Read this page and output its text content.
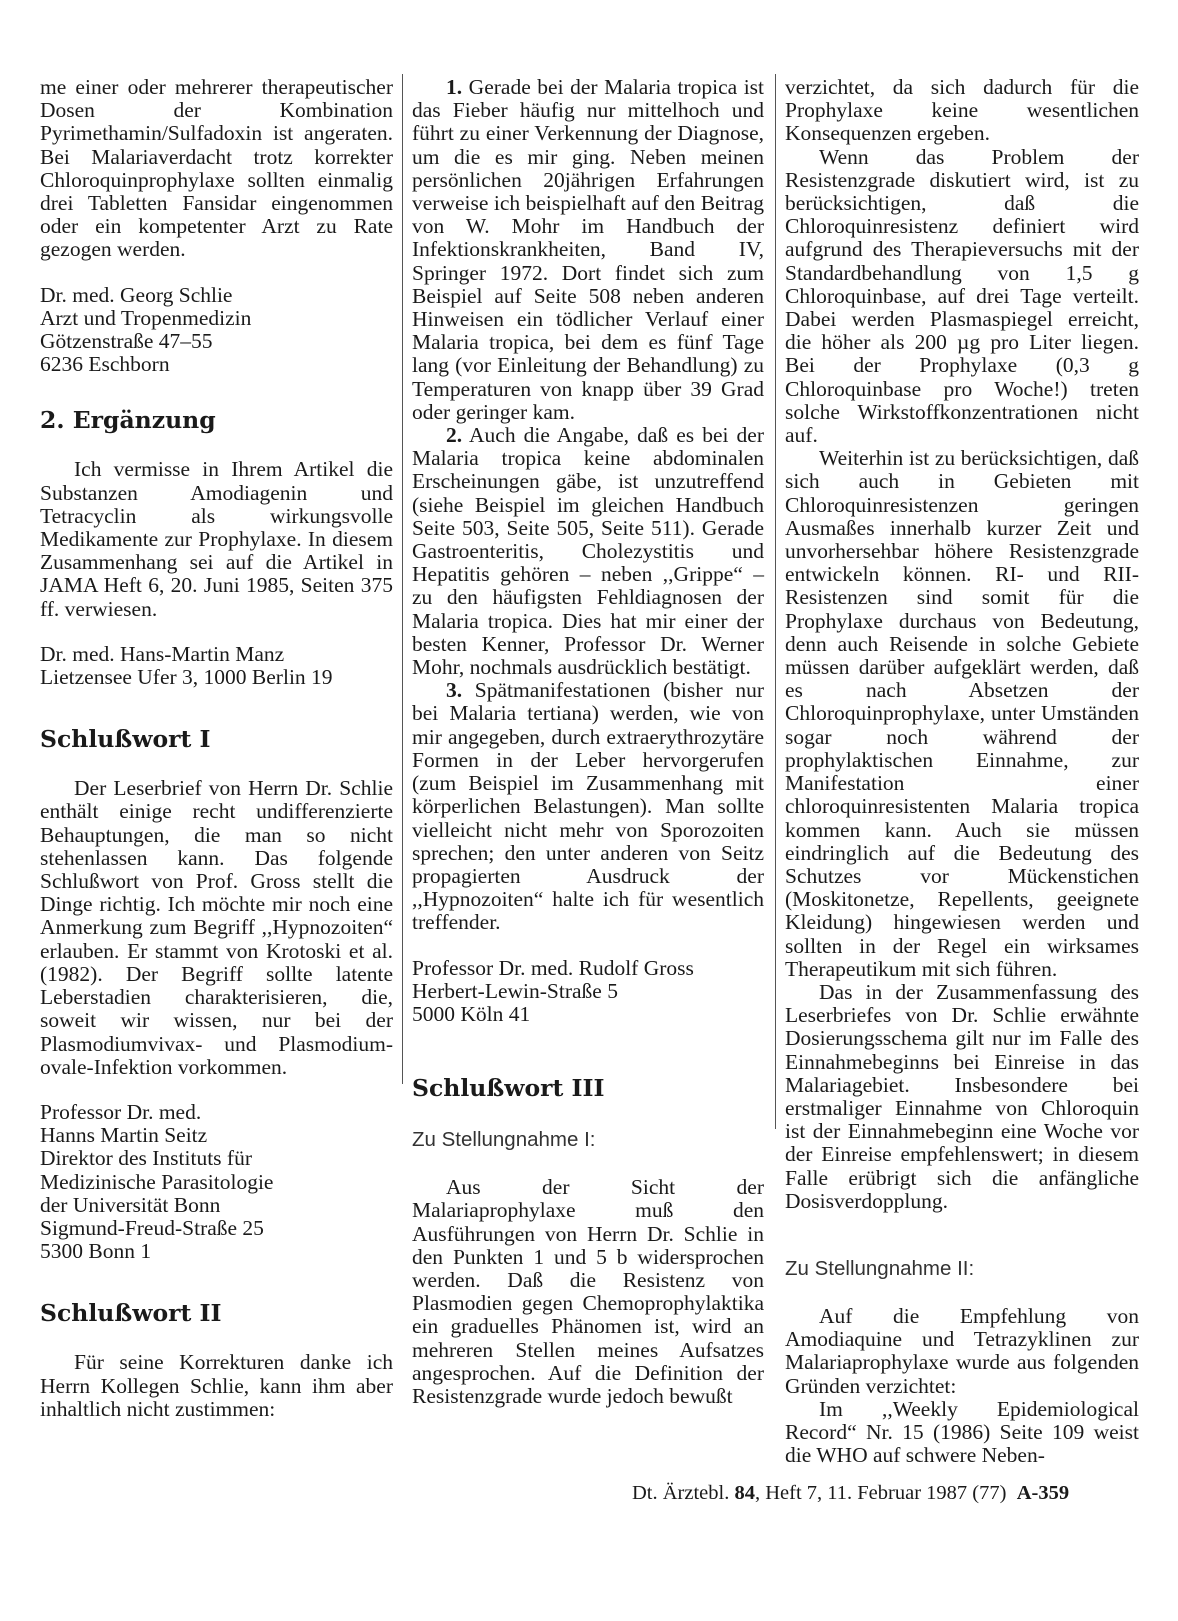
me einer oder mehrerer therapeutischer Dosen der Kombination Pyrimethamin/Sulfadoxin ist angeraten. Bei Malariaverdacht trotz korrekter Chloroquinprophylaxe sollten einmalig drei Tabletten Fansidar eingenommen oder ein kompetenter Arzt zu Rate gezogen werden.

Dr. med. Georg Schlie
Arzt und Tropenmedizin
Götzenstraße 47–55
6236 Eschborn
2. Ergänzung

Ich vermisse in Ihrem Artikel die Substanzen Amodiagenin und Tetracyclin als wirkungsvolle Medikamente zur Prophylaxe. In diesem Zusammenhang sei auf die Artikel in JAMA Heft 6, 20. Juni 1985, Seiten 375 ff. verwiesen.

Dr. med. Hans-Martin Manz
Lietzensee Ufer 3, 1000 Berlin 19
Schlußwort I

Der Leserbrief von Herrn Dr. Schlie enthält einige recht undifferenzierte Behauptungen, die man so nicht stehenlassen kann. Das folgende Schlußwort von Prof. Gross stellt die Dinge richtig. Ich möchte mir noch eine Anmerkung zum Begriff ,,Hypnozoiten“ erlauben. Er stammt von Krotoski et al. (1982). Der Begriff sollte latente Leberstadien charakterisieren, die, soweit wir wissen, nur bei der Plasmodiumvivax- und Plasmodium-ovale-Infektion vorkommen.

Professor Dr. med.
Hanns Martin Seitz
Direktor des Instituts für
Medizinische Parasitologie
der Universität Bonn
Sigmund-Freud-Straße 25
5300 Bonn 1
Schlußwort II

Für seine Korrekturen danke ich Herrn Kollegen Schlie, kann ihm aber inhaltlich nicht zustimmen:

1. Gerade bei der Malaria tropica ist das Fieber häufig nur mittelhoch und führt zu einer Verkennung der Diagnose, um die es mir ging. Neben meinen persönlichen 20jährigen Erfahrungen verweise ich beispielhaft auf den Beitrag von W. Mohr im Handbuch der Infektionskrankheiten, Band IV, Springer 1972. Dort findet sich zum Beispiel auf Seite 508 neben anderen Hinweisen ein tödlicher Verlauf einer Malaria tropica, bei dem es fünf Tage lang (vor Einleitung der Behandlung) zu Temperaturen von knapp über 39 Grad oder geringer kam.

2. Auch die Angabe, daß es bei der Malaria tropica keine abdominalen Erscheinungen gäbe, ist unzutreffend (siehe Beispiel im gleichen Handbuch Seite 503, Seite 505, Seite 511). Gerade Gastroenteritis, Cholezystitis und Hepatitis gehören – neben ,,Grippe“ – zu den häufigsten Fehldiagnosen der Malaria tropica. Dies hat mir einer der besten Kenner, Professor Dr. Werner Mohr, nochmals ausdrücklich bestätigt.

3. Spätmanifestationen (bisher nur bei Malaria tertiana) werden, wie von mir angegeben, durch extraerythrozytäre Formen in der Leber hervorgerufen (zum Beispiel im Zusammenhang mit körperlichen Belastungen). Man sollte vielleicht nicht mehr von Sporozoiten sprechen; den unter anderen von Seitz propagierten Ausdruck der ,,Hypnozoiten“ halte ich für wesentlich treffender.

Professor Dr. med. Rudolf Gross
Herbert-Lewin-Straße 5
5000 Köln 41
Schlußwort III
Zu Stellungnahme I:

Aus der Sicht der Malariaprophylaxe muß den Ausführungen von Herrn Dr. Schlie in den Punkten 1 und 5 b widersprochen werden. Daß die Resistenz von Plasmodien gegen Chemoprophylaktika ein graduelles Phänomen ist, wird an mehreren Stellen meines Aufsatzes angesprochen. Auf die Definition der Resistenzgrade wurde jedoch bewußt

verzichtet, da sich dadurch für die Prophylaxe keine wesentlichen Konsequenzen ergeben.

Wenn das Problem der Resistenzgrade diskutiert wird, ist zu berücksichtigen, daß die Chloroquinresistenz definiert wird aufgrund des Therapieversuchs mit der Standardbehandlung von 1,5 g Chloroquinbase, auf drei Tage verteilt. Dabei werden Plasmaspiegel erreicht, die höher als 200 µg pro Liter liegen. Bei der Prophylaxe (0,3 g Chloroquinbase pro Woche!) treten solche Wirkstoffkonzentrationen nicht auf.

Weiterhin ist zu berücksichtigen, daß sich auch in Gebieten mit Chloroquinresistenzen geringen Ausmaßes innerhalb kurzer Zeit und unvorhersehbar höhere Resistenzgrade entwickeln können. RI- und RII-Resistenzen sind somit für die Prophylaxe durchaus von Bedeutung, denn auch Reisende in solche Gebiete müssen darüber aufgeklärt werden, daß es nach Absetzen der Chloroquinprophylaxe, unter Umständen sogar noch während der prophylaktischen Einnahme, zur Manifestation einer chloroquinresistenten Malaria tropica kommen kann. Auch sie müssen eindringlich auf die Bedeutung des Schutzes vor Mückenstichen (Moskitonetze, Repellents, geeignete Kleidung) hingewiesen werden und sollten in der Regel ein wirksames Therapeutikum mit sich führen.

Das in der Zusammenfassung des Leserbriefes von Dr. Schlie erwähnte Dosierungsschema gilt nur im Falle des Einnahmebeginns bei Einreise in das Malariagebiet. Insbesondere bei erstmaliger Einnahme von Chloroquin ist der Einnahmebeginn eine Woche vor der Einreise empfehlenswert; in diesem Falle erübrigt sich die anfängliche Dosisverdopplung.

Zu Stellungnahme II:

Auf die Empfehlung von Amodiaquine und Tetrazyklinen zur Malariaprophylaxe wurde aus folgenden Gründen verzichtet:

Im ,,Weekly Epidemiological Record“ Nr. 15 (1986) Seite 109 weist die WHO auf schwere Neben-

Dt. Ärztebl. 84, Heft 7, 11. Februar 1987 (77) A-359
